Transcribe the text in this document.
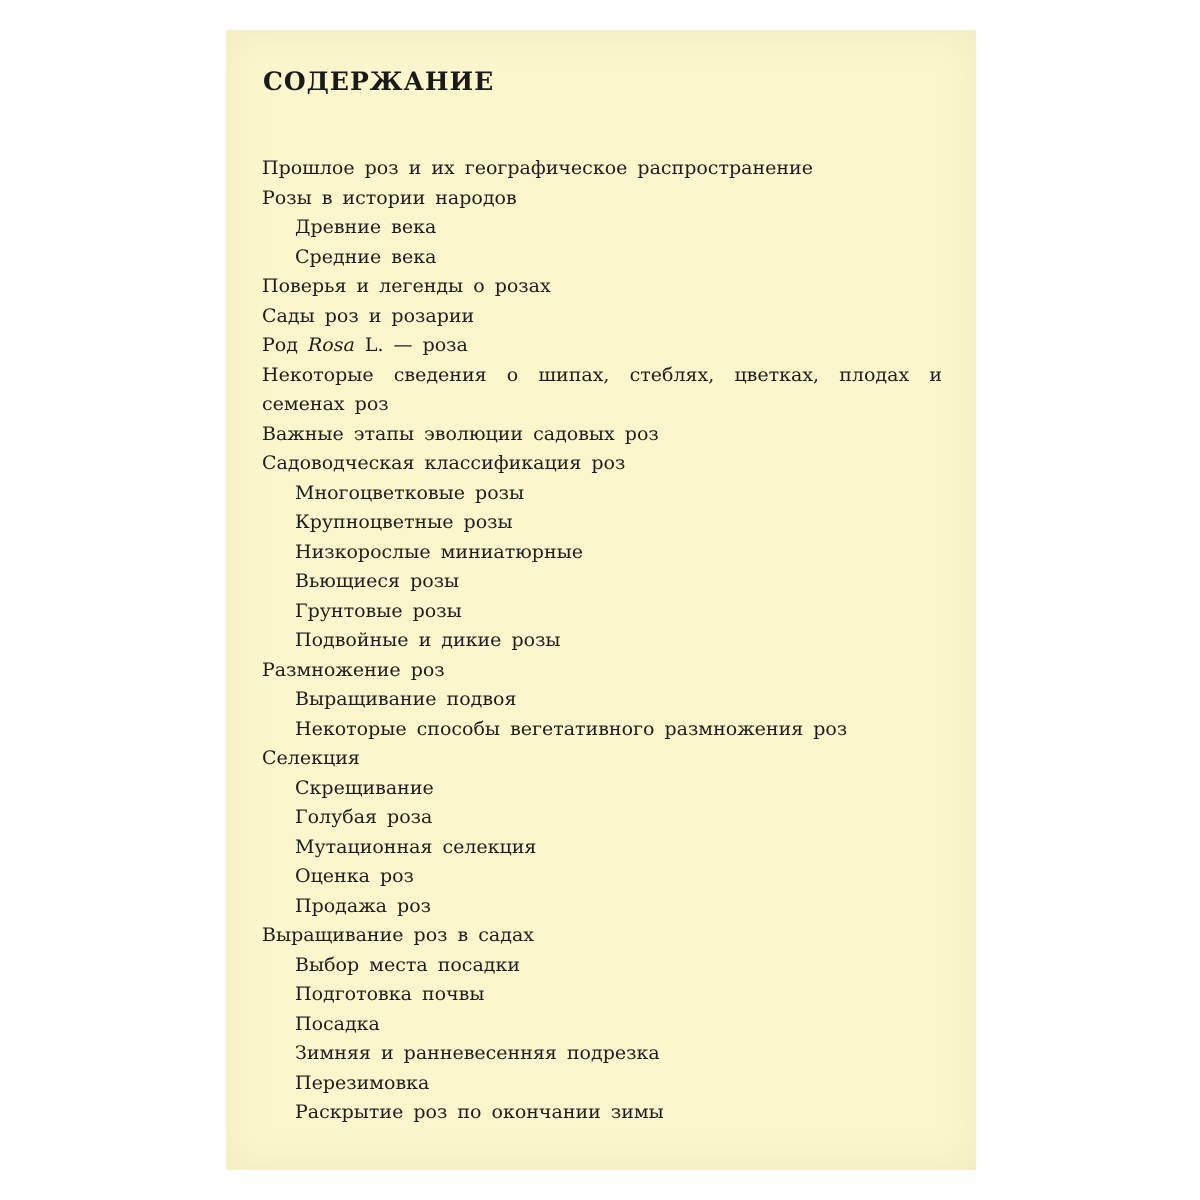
СОДЕРЖАНИЕ
Прошлое роз и их географическое распространение
Розы в истории народов
Древние века
Средние века
Поверья и легенды о розах
Сады роз и розарии
Род Rosa L. — роза
Некоторые сведения о шипах, стеблях, цветках, плодах и
семенах роз
Важные этапы эволюции садовых роз
Садоводческая классификация роз
Многоцветковые розы
Крупноцветные розы
Низкорослые миниатюрные
Вьющиеся розы
Грунтовые розы
Подвойные и дикие розы
Размножение роз
Выращивание подвоя
Некоторые способы вегетативного размножения роз
Селекция
Скрещивание
Голубая роза
Мутационная селекция
Оценка роз
Продажа роз
Выращивание роз в садах
Выбор места посадки
Подготовка почвы
Посадка
Зимняя и ранневесенняя подрезка
Перезимовка
Раскрытие роз по окончании зимы
